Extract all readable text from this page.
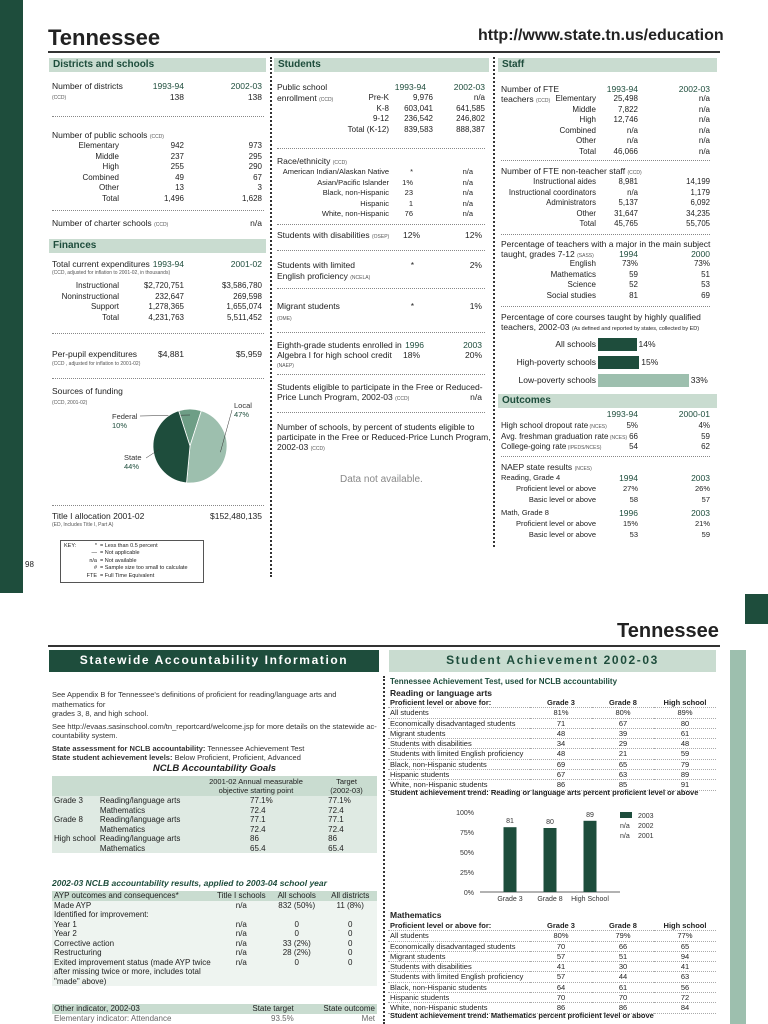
98
Tennessee	http://www.state.tn.us/education
Districts and schools
Number of districts
(CCD)
1993-94	2002-03
138	138
Number of public schools (CCD)
Elementary	942	973
Middle	237	295
High	255	290
Combined	49	67
Other	13	3
Total	1,496	1,628
Number of charter schools (CCD)	n/a
Finances
Total current expenditures 1993-94	2001-02
(CCD, adjusted for inflation to 2001-02, in thousands)
Instructional	$2,720,751	$3,586,780
Noninstructional	232,647	269,598
Support	1,278,365	1,655,074
Total	4,231,763	5,511,452
Per-pupil expenditures
(CCD , adjusted for inflation to 2001-02)
$4,881	$5,959
Sources of funding
(CCD, 2001-02)
Federal
10%
Local
47%
State
44%
Title I allocation 2001-02
(ED, Includes Title I, Part A)
$152,480,135
KEY:	* = Less than 0.5 percent
— = Not applicable
n/a = Not available
# = Sample size too small to calculate
FTE = Full Time Equivalent
Students
Public school
enrollment (CCD)
1993-94	2002-03
Pre-K	9,976	n/a
K-8 603,041	641,585
9-12 236,542	246,802
Total (K-12) 839,583	888,387
Race/ethnicity (CCD)
American Indian/Alaskan Native	*	n/a
Asian/Pacific Islander 1%	n/a
Black, non-Hispanic 23	n/a
Hispanic	1	n/a
White, non-Hispanic 76	n/a
Students with disabilities (OSEP)	12%	12%
Students with limited
English proficiency (NCELA)
*	2%
Migrant students
(OME)
*	1%
Eighth-grade students enrolled in
Algebra I for high school credit
(NAEP)
1996	2003
18%	20%
Students eligible to participate in the Free or Reduced-
Price Lunch Program, 2002-03 (CCD)	n/a
Number of schools, by percent of students eligible to
participate in the Free or Reduced-Price Lunch Program,
2002-03 (CCD)
Data not available.
Staff
Number of FTE
teachers (CCD)
1993-94	2002-03
Elementary 25,498	n/a
Middle	7,822	n/a
High 12,746	n/a
Combined	n/a	n/a
Other	n/a	n/a
Total 46,066	n/a
Number of FTE non-teacher staff (CCD)
Instructional aides	8,981	14,199
Instructional coordinators	n/a	1,179
Administrators	5,137	6,092
Other 31,647	34,235
Total 45,765	55,705
Percentage of teachers with a major in the main subject
taught, grades 7-12 (SASS)	1994	2000
English	73%	73%
Mathematics	59	51
Science	52	53
Social studies	81	69
Percentage of core courses taught by highly qualified
teachers, 2002-03 (As defined and reported by states, collected by ED)
All schools	14%
High-poverty schools	15%
Low-poverty schools	33%
Outcomes
1993-94	2000-01
High school dropout rate (NCES) 5%	4%
Avg. freshman graduation rate (NCES) 66	59
College-going rate (IPEDS/NCES)	54	62
NAEP state results (NCES)
Reading, Grade 4	1994	2003
Proficient level or above	27%	26%
Basic level or above	58	57
Math, Grade 8	1996	2003
Proficient level or above	15%	21%
Basic level or above	53	59
Tennessee
Statewide Accountability Information	Student Achievement 2002-03
See Appendix B for Tennessee's definitions of proficient for reading/language arts and mathematics for
grades 3, 8, and high school.
See http://evaas.sasinschool.com/tn_reportcard/welcome.jsp for more details on the statewide ac-
countability system.
State assessment for NCLB accountability: Tennessee Achievement Test
State student achievement levels: Below Proficient, Proficient, Advanced
NCLB Accountability Goals
2001-02 Annual measurable
objective starting point
Target
(2002-03)
Grade 3	Reading/language arts	77.1%	77.1%
	Mathematics	72.4	72.4
Grade 8	Reading/language arts	77.1	77.1
	Mathematics	72.4	72.4
High school	Reading/language arts	86	86
	Mathematics	65.4	65.4
2002-03 NCLB accountability results, applied to 2003-04 school year
AYP outcomes and consequences*	Title I schools	All schools	All districts
Made AYP	n/a	832 (50%)	11 (8%)
Identified for improvement:			
Year 1	n/a	0	0
Year 2	n/a	0	0
Corrective action	n/a	33 (2%)	0
Restructuring	n/a	28 (2%)	0
Exited improvement status (made AYP twice	n/a	0	0
after missing twice or more, includes total			
"made" above)			
Other indicator, 2002-03	State target	State outcome
Elementary indicator: Attendance	93.5%	Met
Tennessee Achievement Test, used for NCLB accountability
Reading or language arts
Proficient level or above for:	Grade 3	Grade 8	High school
All students	81%	80%	89%
Economically disadvantaged students	71	67	80
Migrant students	48	39	61
Students with disabilities	34	29	48
Students with limited English proficiency	48	21	59
Black, non-Hispanic students	69	65	79
Hispanic students	67	63	89
White, non-Hispanic students	86	85	91
Student achievement trend: Reading or language arts percent proficient level or above
100%
75%
50%
25%
0%
81
Grade 3
80
Grade 8
89
High School
2003
n/a 2002
n/a 2001
Mathematics
Proficient level or above for:	Grade 3	Grade 8	High school
All students	80%	79%	77%
Economically disadvantaged students	70	66	65
Migrant students	57	51	94
Students with disabilities	41	30	41
Students with limited English proficiency	57	44	63
Black, non-Hispanic students	64	61	56
Hispanic students	70	70	72
White, non-Hispanic students	86	86	84
Student achievement trend: Mathematics percent proficient level or above
